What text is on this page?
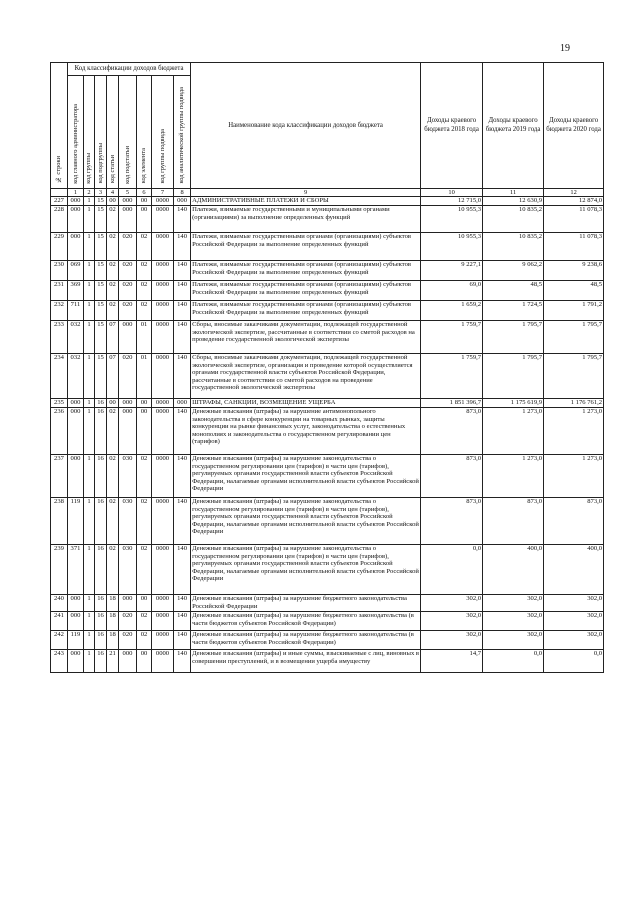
19
№ строки	Код классификации доходов бюджета								Наименование кода классификации доходов бюджета	Доходы краевого бюджета 2018 года	Доходы краевого бюджета 2019 года	Доходы краевого бюджета 2020 года
	код главного администратора	код группы	код подгруппы	код статьи	код подстатьи	код элемента	код группы подвида	код аналитической группы подвида				
	1	2	3	4	5	6	7	8	9	10	11	12
227	000	1	15	00	000	00	0000	000	АДМИНИСТРАТИВНЫЕ ПЛАТЕЖИ И СБОРЫ	12 715,0	12 630,9	12 874,0
228	000	1	15	02	000	00	0000	140	Платежи, взимаемые государственными и муниципальными органами (организациями) за выполнение определенных функций	10 955,3	10 835,2	11 078,3
229	000	1	15	02	020	02	0000	140	Платежи, взимаемые государственными органами (организациями) субъектов Российской Федерации за выполнение определенных функций	10 955,3	10 835,2	11 078,3
230	069	1	15	02	020	02	0000	140	Платежи, взимаемые государственными органами (организациями) субъектов Российской Федерации за выполнение определенных функций	9 227,1	9 062,2	9 238,6
231	369	1	15	02	020	02	0000	140	Платежи, взимаемые государственными органами (организациями) субъектов Российской Федерации за выполнение определенных функций	69,0	48,5	48,5
232	711	1	15	02	020	02	0000	140	Платежи, взимаемые государственными органами (организациями) субъектов Российской Федерации за выполнение определенных функций	1 659,2	1 724,5	1 791,2
233	032	1	15	07	000	01	0000	140	Сборы, вносимые заказчиками документации, подлежащей государственной экологической экспертизе, рассчитанные в соответствии со сметой расходов на проведение государственной экологической экспертизы	1 759,7	1 795,7	1 795,7
234	032	1	15	07	020	01	0000	140	Сборы, вносимые заказчиками документации, подлежащей государственной экологической экспертизе, организация и проведение которой осуществляется органами государственной власти субъектов Российской Федерации, рассчитанные в соответствии со сметой расходов на проведение государственной экологической экспертизы	1 759,7	1 795,7	1 795,7
235	000	1	16	00	000	00	0000	000	ШТРАФЫ, САНКЦИИ, ВОЗМЕЩЕНИЕ УЩЕРБА	1 851 396,7	1 175 619,9	1 176 761,2
236	000	1	16	02	000	00	0000	140	Денежные взыскания (штрафы) за нарушение антимонопольного законодательства в сфере конкуренции на товарных рынках, защиты конкуренции на рынке финансовых услуг, законодательства о естественных монополиях и законодательства о государственном регулировании цен (тарифов)	873,0	1 273,0	1 273,0
237	000	1	16	02	030	02	0000	140	Денежные взыскания (штрафы) за нарушение законодательства о государственном регулировании цен (тарифов) в части цен (тарифов), регулируемых органами государственной власти субъектов Российской Федерации, налагаемые органами исполнительной власти субъектов Российской Федерации	873,0	1 273,0	1 273,0
238	119	1	16	02	030	02	0000	140	Денежные взыскания (штрафы) за нарушение законодательства о государственном регулировании цен (тарифов) в части цен (тарифов), регулируемых органами государственной власти субъектов Российской Федерации, налагаемые органами исполнительной власти субъектов Российской Федерации	873,0	873,0	873,0
239	371	1	16	02	030	02	0000	140	Денежные взыскания (штрафы) за нарушение законодательства о государственном регулировании цен (тарифов) в части цен (тарифов), регулируемых органами государственной власти субъектов Российской Федерации, налагаемые органами исполнительной власти субъектов Российской Федерации	0,0	400,0	400,0
240	000	1	16	18	000	00	0000	140	Денежные взыскания (штрафы) за нарушение бюджетного законодательства Российской Федерации	302,0	302,0	302,0
241	000	1	16	18	020	02	0000	140	Денежные взыскания (штрафы) за нарушение бюджетного законодательства (в части бюджетов субъектов Российской Федерации)	302,0	302,0	302,0
242	119	1	16	18	020	02	0000	140	Денежные взыскания (штрафы) за нарушение бюджетного законодательства (в части бюджетов субъектов Российской Федерации)	302,0	302,0	302,0
243	000	1	16	21	000	00	0000	140	Денежные взыскания (штрафы) и иные суммы, взыскиваемые с лиц, виновных в совершении преступлений, и в возмещении ущерба имуществу	14,7	0,0	0,0
